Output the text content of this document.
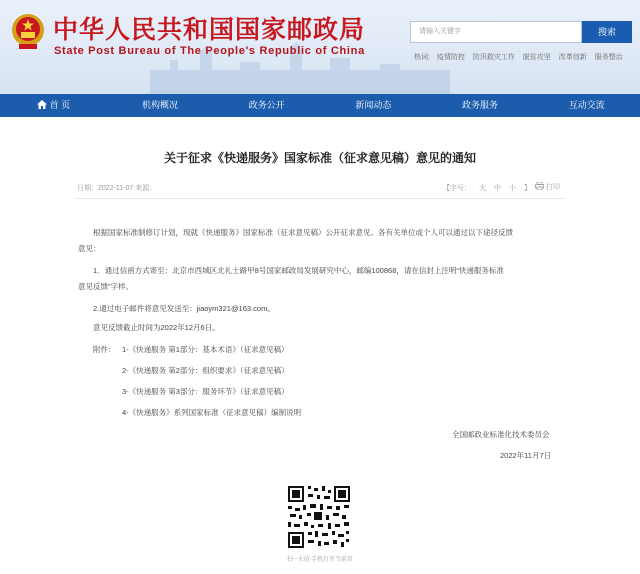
中华人民共和国国家邮政局
State Post Bureau of The People's Republic of China
请输入关键字	搜索
热词: 疫情防控 防汛救灾工作 脱贫攻坚 改革创新 服务整治
首 页	机构概况	政务公开	新闻动态	政务服务	互动交流
关于征求《快递服务》国家标准（征求意见稿）意见的通知
日期：2022-11-07 来源：	【字号： 大 中 小 】	打印
根据国家标准制修订计划，现就《快递服务》国家标准（征求意见稿）公开征求意见。各有关单位或个人可以通过以下途径反馈
意见：
1．通过信函方式寄至：北京市西城区北礼士路甲8号国家邮政局发展研究中心，邮编100868，请在信封上注明“快递服务标准
意见反馈”字样。
2.通过电子邮件将意见发送至：jiaoym321@163.com。
意见反馈截止时间为2022年12月6日。
附件： 1-《快递服务 第1部分：基本术语》（征求意见稿）
2-《快递服务 第2部分：组织要求》（征求意见稿）
3-《快递服务 第3部分：服务环节》（征求意见稿）
4-《快递服务》系列国家标准（征求意见稿）编制说明
全国邮政业标准化技术委员会
2022年11月7日
扫一扫在手机打开当前页
